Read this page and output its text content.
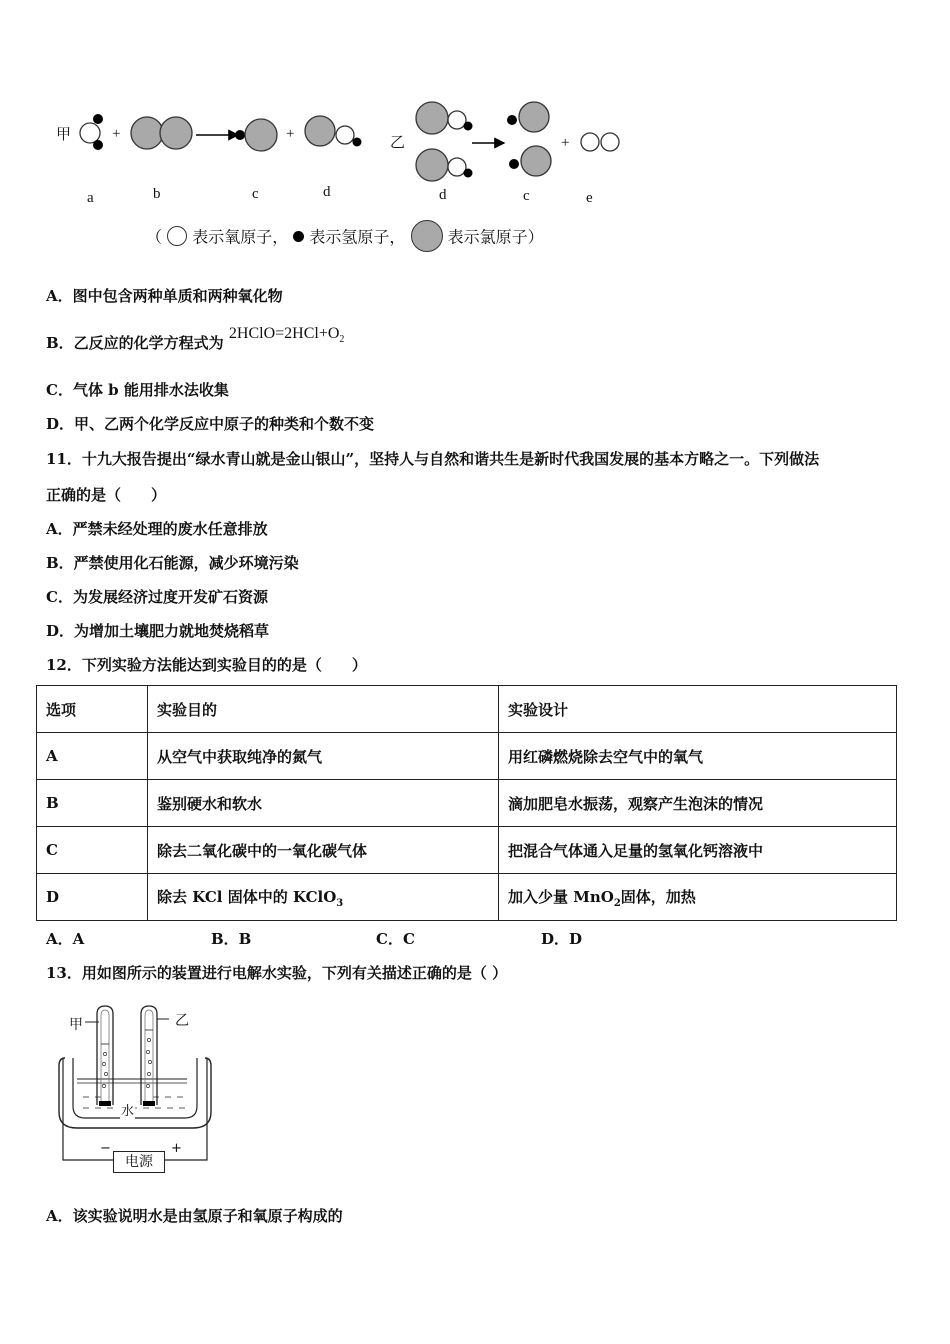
甲	+	+	乙	+
a	b	c	d	d	c	e
（ 表示氧原子， 表示氢原子，	表示氯原子）
A．图中包含两种单质和两种氧化物
B．乙反应的化学方程式为 $2HClO=2HCl+O_2$
C．气体 b 能用排水法收集
D．甲、乙两个化学反应中原子的种类和个数不变
11．十九大报告提出“绿水青山就是金山银山”，坚持人与自然和谐共生是新时代我国发展的基本方略之一。下列做法
正确的是（　　）
A．严禁未经处理的废水任意排放
B．严禁使用化石能源，减少环境污染
C．为发展经济过度开发矿石资源
D．为增加土壤肥力就地焚烧稻草
12．下列实验方法能达到实验目的的是（　　）
选项	实验目的	实验设计
A	从空气中获取纯净的氮气	用红磷燃烧除去空气中的氧气
B	鉴别硬水和软水	滴加肥皂水振荡，观察产生泡沫的情况
C	除去二氧化碳中的一氧化碳气体	把混合气体通入足量的氢氧化钙溶液中
D	除去 KCl 固体中的 KClO$_3$	加入少量 MnO$_2$固体，加热
A．A	B．B	C．C	D．D
13．用如图所示的装置进行电解水实验，下列有关描述正确的是（ ）
甲	乙
水
−	+
电源
A．该实验说明水是由氢原子和氧原子构成的
